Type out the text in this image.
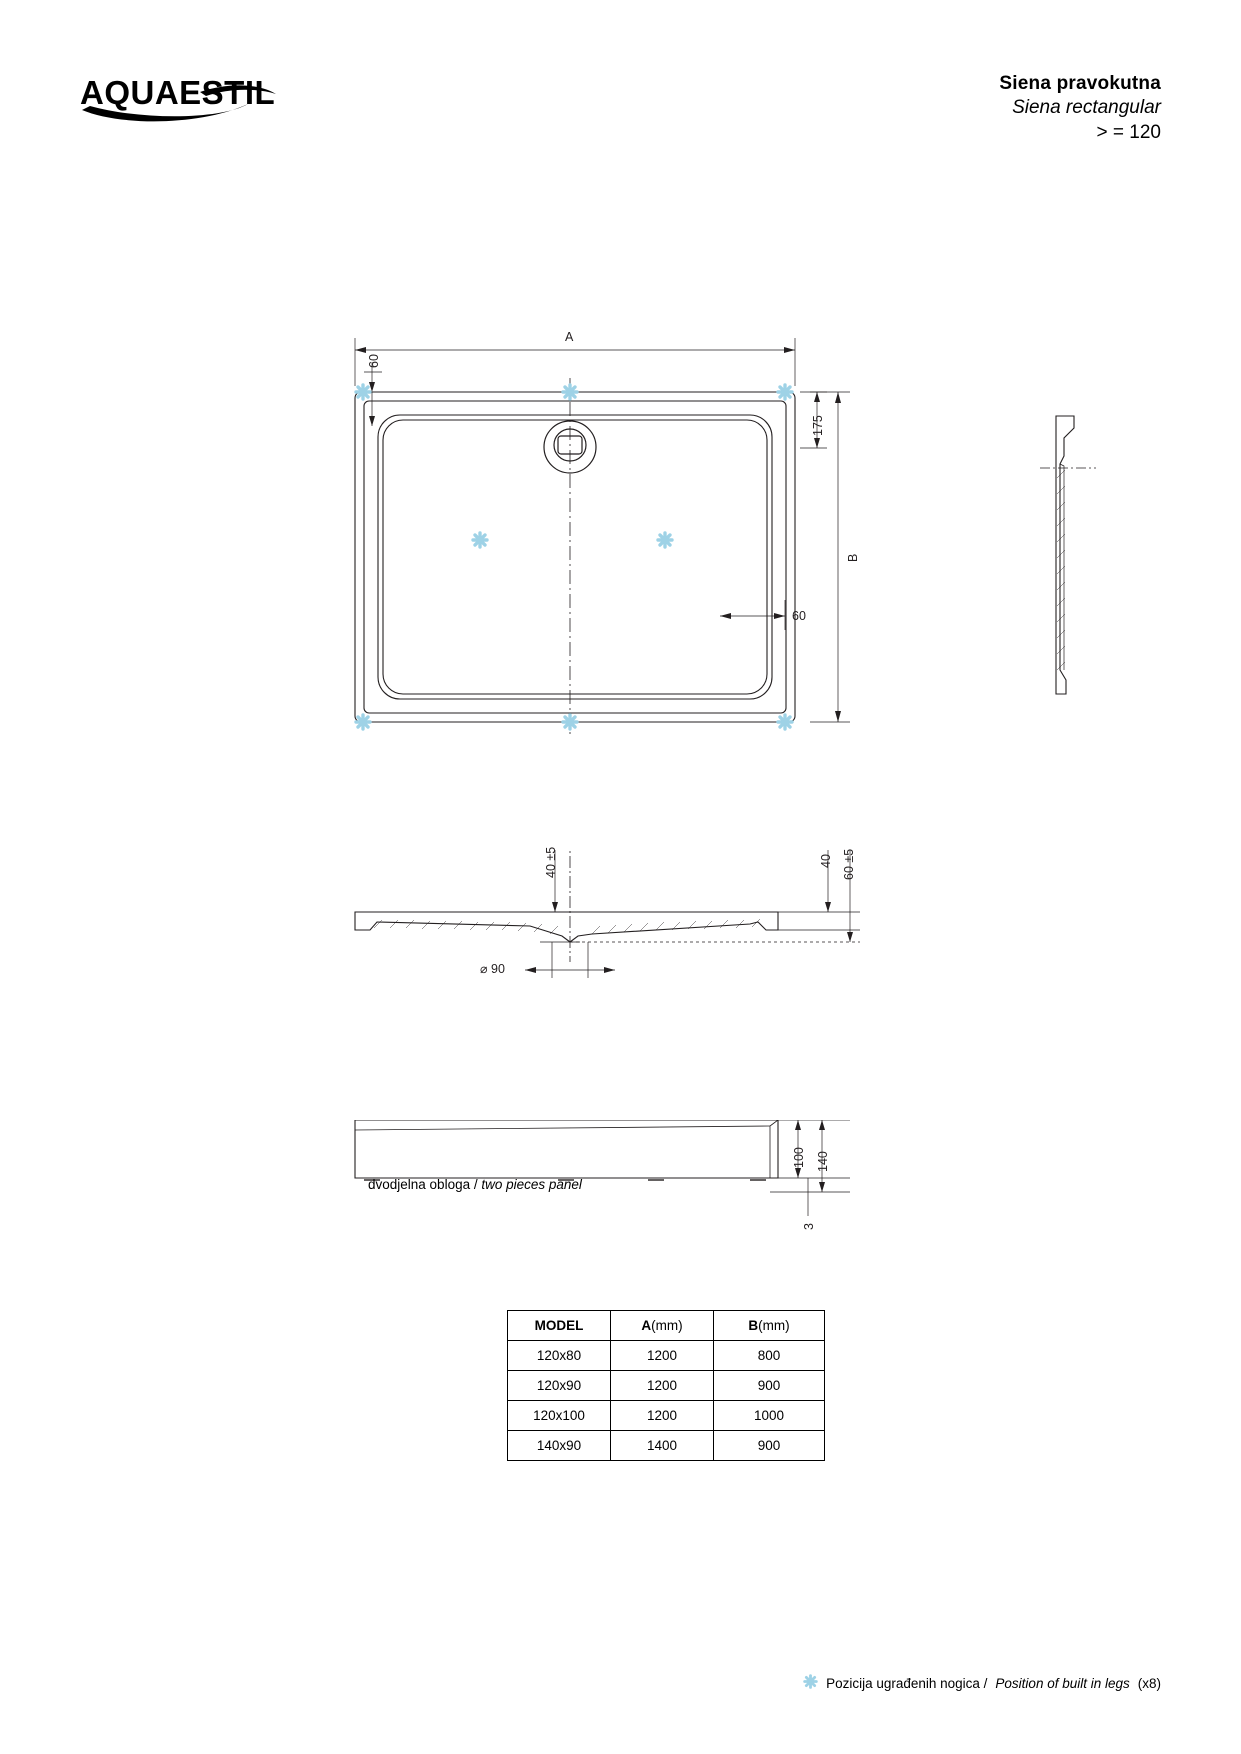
AQUAESTIL	Siena pravokutna
Siena rectangular
> = 120
A
B
175
60
60
40 ±5	40 60 ±5
⌀ 90
100 140
3
dvodjelna obloga / two pieces panel
MODEL	A(mm)	B(mm)
120x80	1200	800
120x90	1200	900
120x100	1200	1000
140x90	1400	900
Pozicija ugrađenih nogica / Position of built in legs (x8)
